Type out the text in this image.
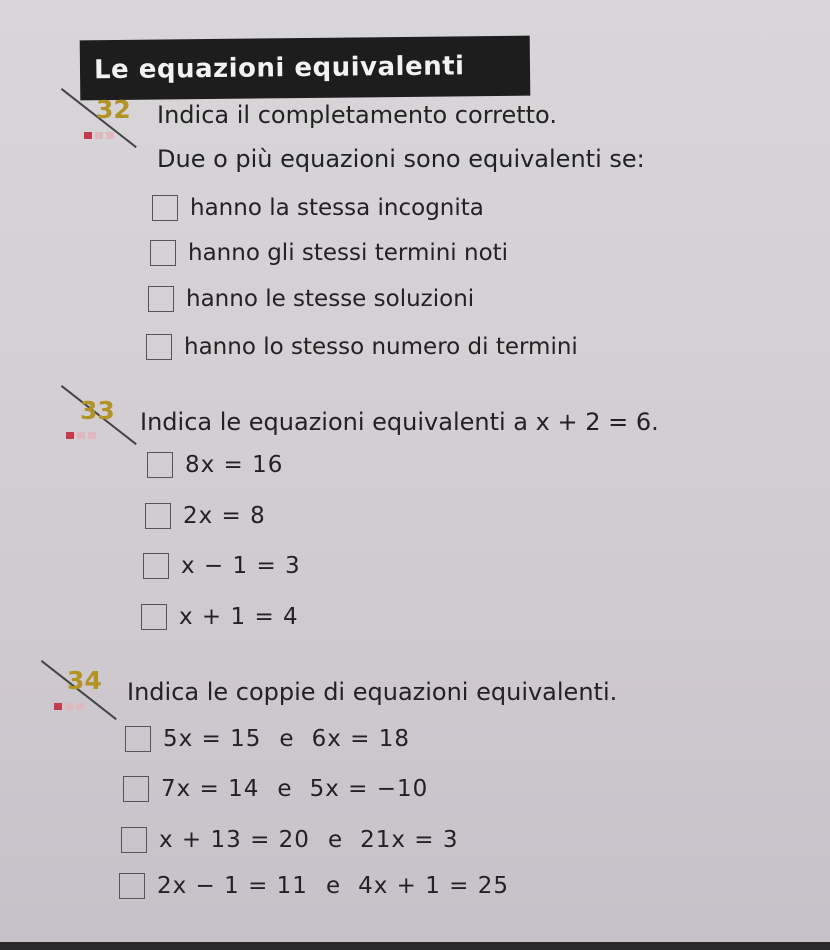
Le equazioni equivalenti
32 Indica il completamento corretto.
Due o più equazioni sono equivalenti se:
hanno la stessa incognita
hanno gli stessi termini noti
hanno le stesse soluzioni
hanno lo stesso numero di termini
33 Indica le equazioni equivalenti a x + 2 = 6.
8x = 16
2x = 8
x − 1 = 3
x + 1 = 4
34 Indica le coppie di equazioni equivalenti.
5x = 15 e 6x = 18
7x = 14 e 5x = −10
x + 13 = 20 e 21x = 3
2x − 1 = 11 e 4x + 1 = 25
